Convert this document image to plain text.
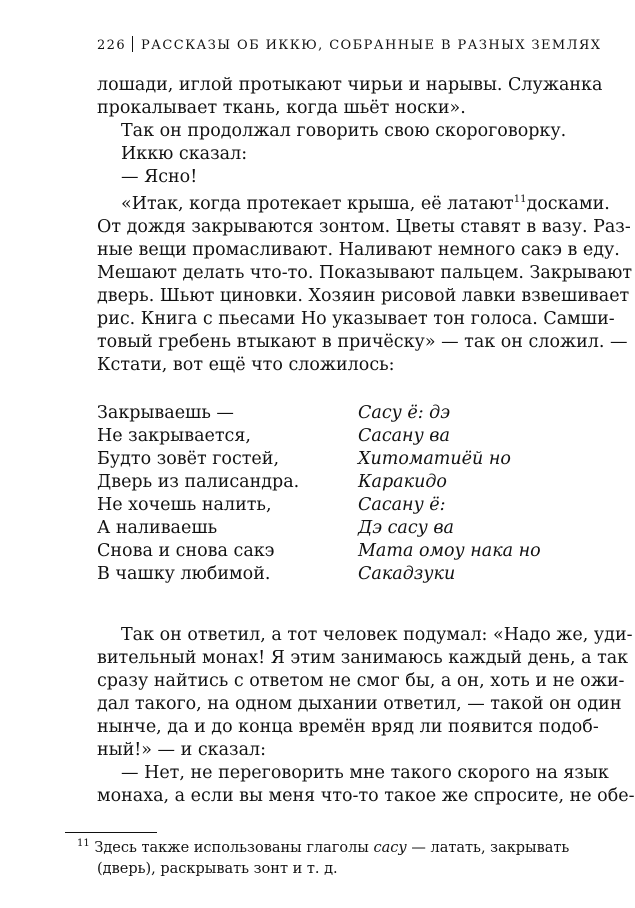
226 РАССКАЗЫ ОБ ИККЮ, СОБРАННЫЕ В РАЗНЫХ ЗЕМЛЯХ
лошади, иглой протыкают чирьи и нарывы. Служанка
прокалывает ткань, когда шьёт носки».
Так он продолжал говорить свою скороговорку.
Иккю сказал:
— Ясно!
«Итак, когда протекает крыша, её латают$^{11}$ досками.
От дождя закрываются зонтом. Цветы ставят в вазу. Раз-
ные вещи промасливают. Наливают немного сакэ в еду.
Мешают делать что-то. Показывают пальцем. Закрывают
дверь. Шьют циновки. Хозяин рисовой лавки взвешивает
рис. Книга с пьесами Но указывает тон голоса. Самши-
товый гребень втыкают в причёску» — так он сложил. —
Кстати, вот ещё что сложилось:
Закрываешь —	Сасу ё: дэ
Не закрывается,	Сасану ва
Будто зовёт гостей,	Хитоматиёй но
Дверь из палисандра.	Каракидо
Не хочешь налить,	Сасану ё:
А наливаешь	Дэ сасу ва
Снова и снова сакэ	Мата омоу нака но
В чашку любимой.	Сакадзуки
Так он ответил, а тот человек подумал: «Надо же, уди-
вительный монах! Я этим занимаюсь каждый день, а так
сразу найтись с ответом не смог бы, а он, хоть и не ожи-
дал такого, на одном дыхании ответил, — такой он один
нынче, да и до конца времён вряд ли появится подоб-
ный!» — и сказал:
— Нет, не переговорить мне такого скорого на язык
монаха, а если вы меня что-то такое же спросите, не обе-
$^{11}$ Здесь также использованы глаголы сасу — латать, закрывать
(дверь), раскрывать зонт и т. д.
